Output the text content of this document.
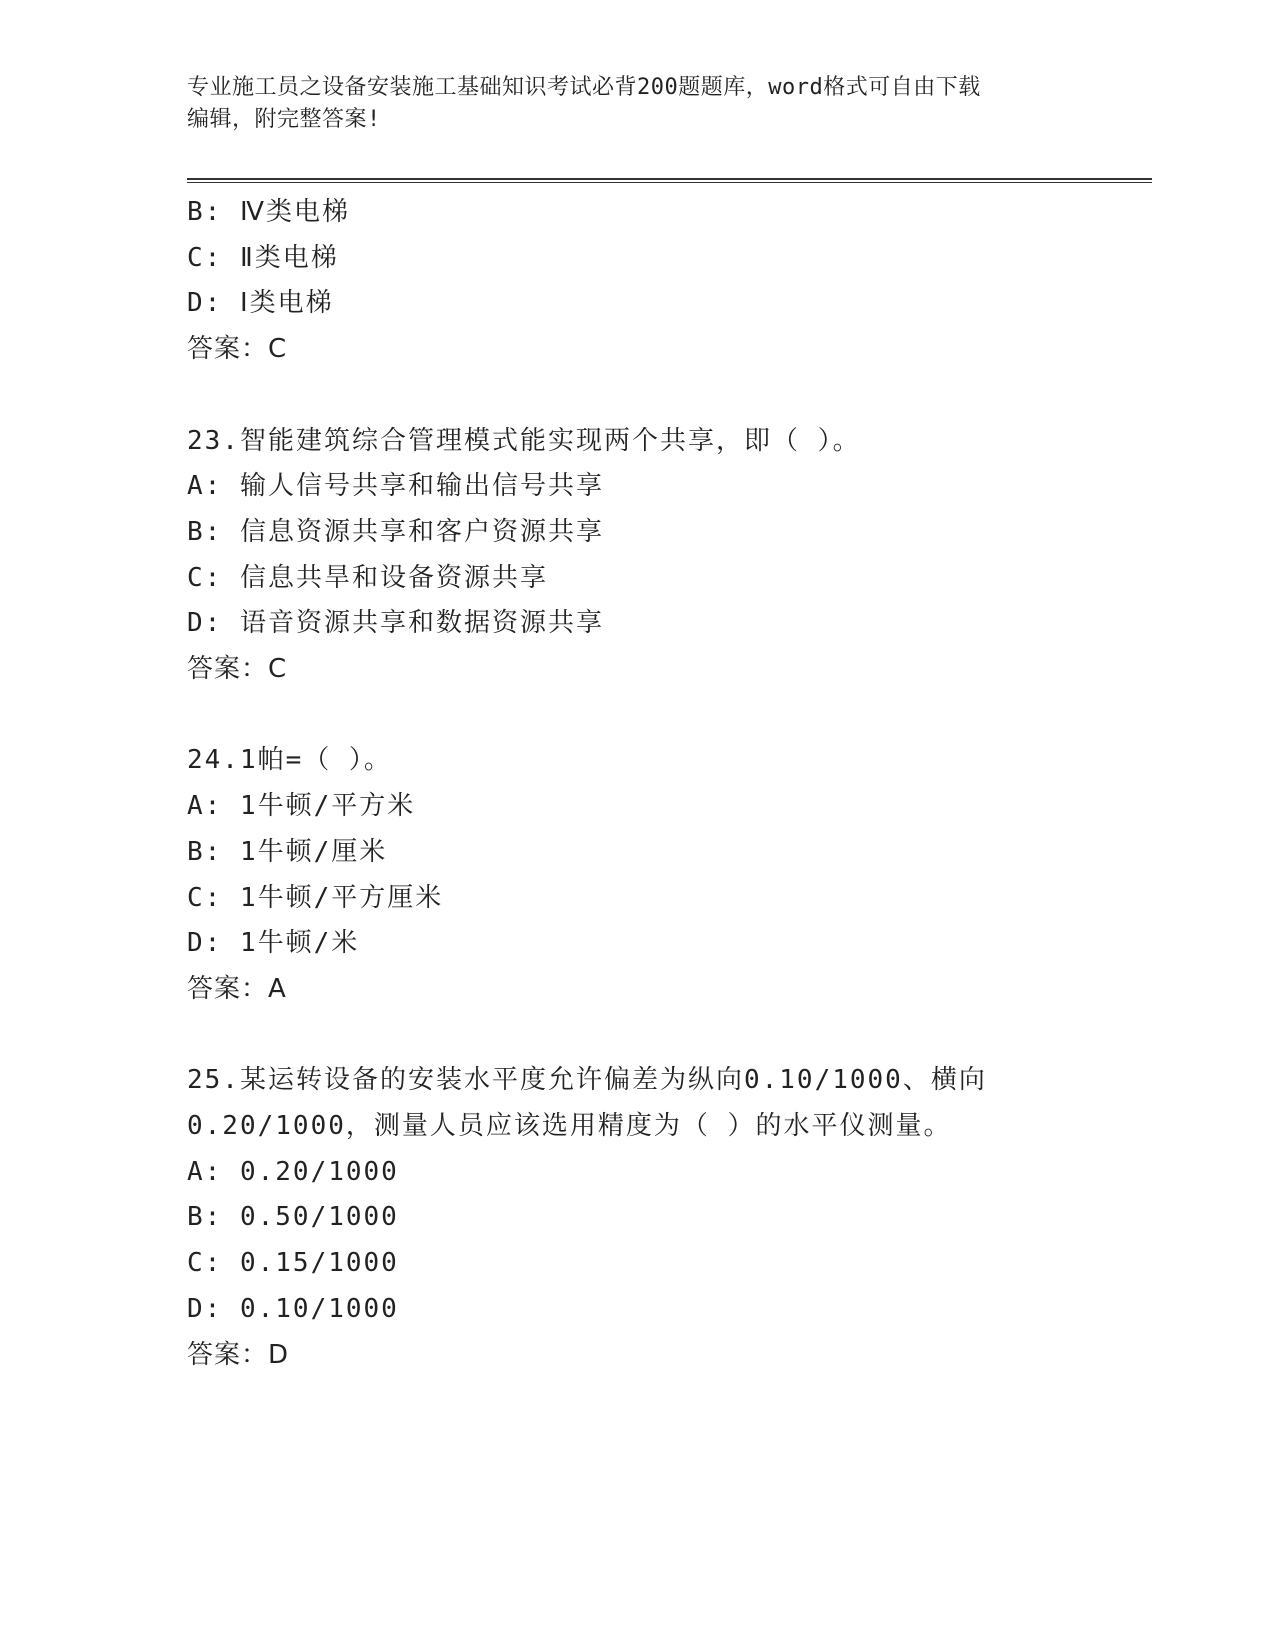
专业施工员之设备安装施工基础知识考试必背200题题库，word格式可自由下载
编辑，附完整答案!
B: Ⅳ类电梯
C: Ⅱ类电梯
D: Ⅰ类电梯
答案：C
23.智能建筑综合管理模式能实现两个共享，即（ ）。
A: 输人信号共享和输出信号共享
B: 信息资源共享和客户资源共享
C: 信息共旱和设备资源共享
D: 语音资源共享和数据资源共享
答案：C
24.1帕=（ ）。
A: 1牛顿/平方米
B: 1牛顿/厘米
C: 1牛顿/平方厘米
D: 1牛顿/米
答案：A
25.某运转设备的安装水平度允许偏差为纵向0.10/1000、横向
0.20/1000，测量人员应该选用精度为（ ）的水平仪测量。
A: 0.20/1000
B: 0.50/1000
C: 0.15/1000
D: 0.10/1000
答案：D
